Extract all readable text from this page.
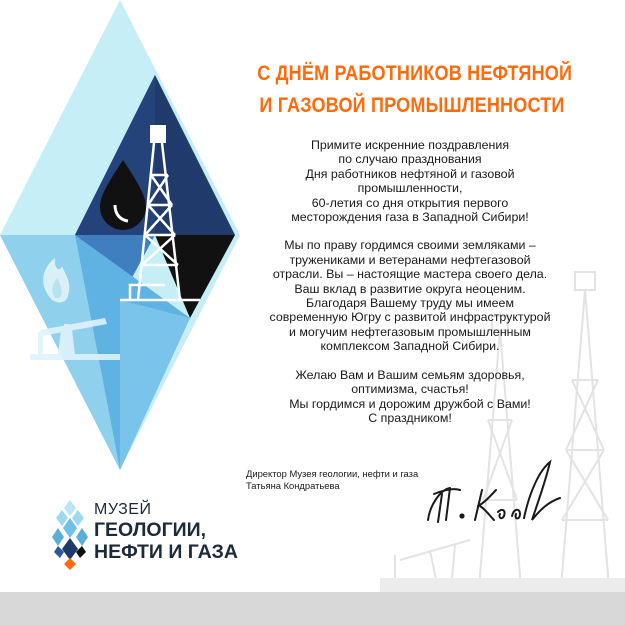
С ДНЁМ РАБОТНИКОВ НЕФТЯНОЙ
И ГАЗОВОЙ ПРОМЫШЛЕННОСТИ
Примите искренние поздравления
по случаю празднования
Дня работников нефтяной и газовой
промышленности,
60-летия со дня открытия первого
месторождения газа в Западной Сибири!
Мы по праву гордимся своими земляками –
тружениками и ветеранами нефтегазовой
отрасли. Вы – настоящие мастера своего дела.
Ваш вклад в развитие округа неоценим.
Благодаря Вашему труду мы имеем
современную Югру с развитой инфраструктурой
и могучим нефтегазовым промышленным
комплексом Западной Сибири.
Желаю Вам и Вашим семьям здоровья,
оптимизма, счастья!
Мы гордимся и дорожим дружбой с Вами!
С праздником!
Директор Музея геологии, нефти и газа
Татьяна Кондратьева
МУЗЕЙ
ГЕОЛОГИИ,
НЕФТИ И ГАЗА
